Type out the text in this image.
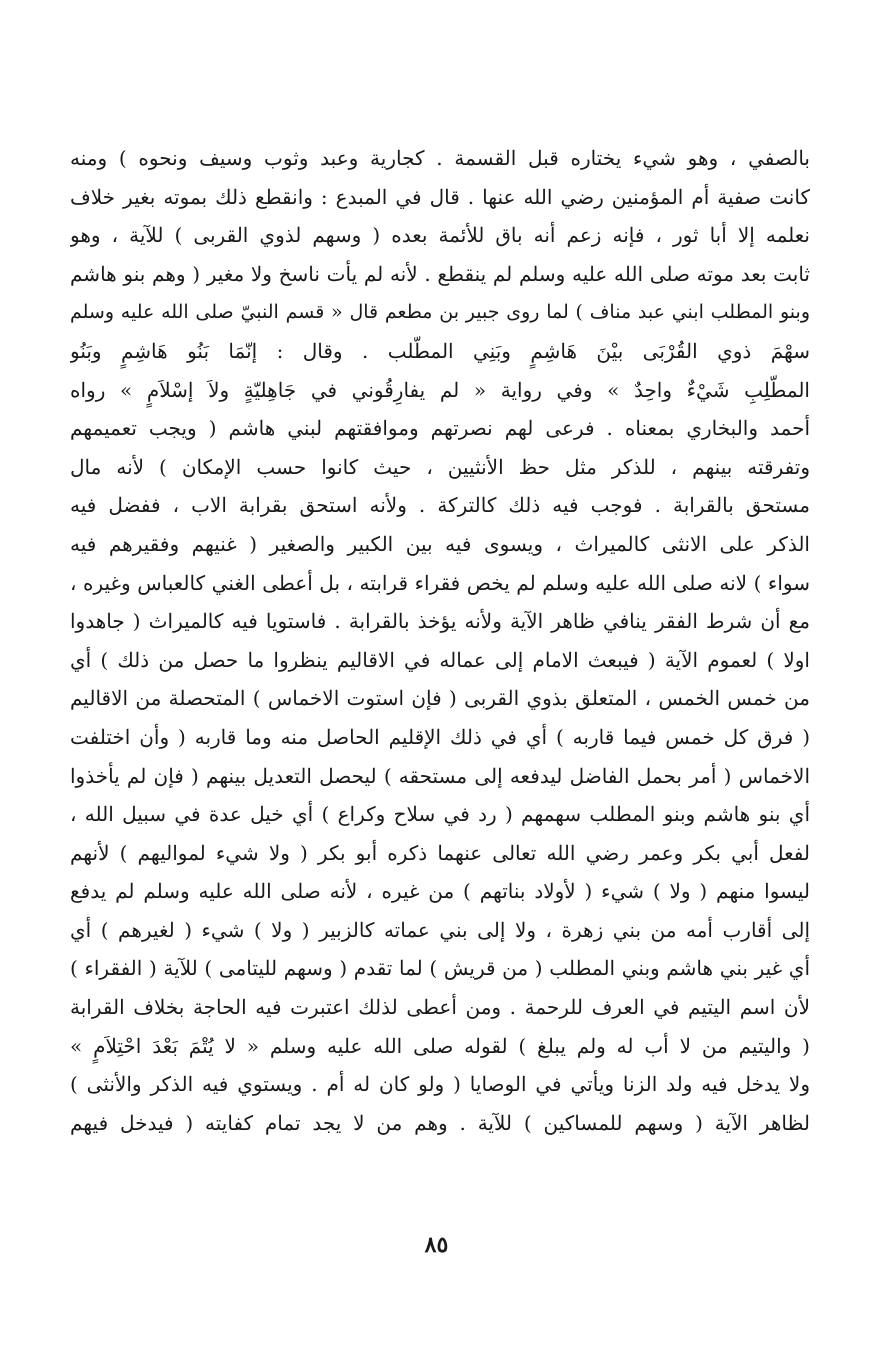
بالصفي ، وهو شيء يختاره قبل القسمة . كجارية وعبد وثوب وسيف ونحوه ) ومنه
كانت صفية أم المؤمنين رضي الله عنها . قال في المبدع : وانقطع ذلك بموته بغير خلاف
نعلمه إلا أبا ثور ، فإنه زعم أنه باق للأئمة بعده ( وسهم لذوي القربى ) للآية ، وهو
ثابت بعد موته صلى الله عليه وسلم لم ينقطع . لأنه لم يأت ناسخ ولا مغير ( وهم بنو هاشم
وبنو المطلب ابني عبد مناف ) لما روى جبير بن مطعم قال « قسم النبيّ صلى الله عليه وسلم
سهْمَ ذوي القُرْبَى بيْنَ هَاشِمٍ وبَنِي المطّلب . وقال : إنّمَا بَنُو هَاشِمٍ وبَنُو
المطّلِبِ شَيْءٌ واحِدٌ » وفي رواية « لم يفارِقُوني في جَاهِليّةٍ ولاَ إسْلاَمٍ » رواه
أحمد والبخاري بمعناه . فرعى لهم نصرتهم وموافقتهم لبني هاشم ( ويجب تعميمهم
وتفرقته بينهم ، للذكر مثل حظ الأنثيين ، حيث كانوا حسب الإمكان ) لأنه مال
مستحق بالقرابة . فوجب فيه ذلك كالتركة . ولأنه استحق بقرابة الاب ، ففضل فيه
الذكر على الانثى كالميراث ، ويسوى فيه بين الكبير والصغير ( غنيهم وفقيرهم فيه
سواء ) لانه صلى الله عليه وسلم لم يخص فقراء قرابته ، بل أعطى الغني كالعباس وغيره ،
مع أن شرط الفقر ينافي ظاهر الآية ولأنه يؤخذ بالقرابة . فاستويا فيه كالميراث ( جاهدوا
اولا ) لعموم الآية ( فيبعث الامام إلى عماله في الاقاليم ينظروا ما حصل من ذلك ) أي
من خمس الخمس ، المتعلق بذوي القربى ( فإن استوت الاخماس ) المتحصلة من الاقاليم
( فرق كل خمس فيما قاربه ) أي في ذلك الإقليم الحاصل منه وما قاربه ( وأن اختلفت
الاخماس ( أمر بحمل الفاضل ليدفعه إلى مستحقه ) ليحصل التعديل بينهم ( فإن لم يأخذوا
أي بنو هاشم وبنو المطلب سهمهم ( رد في سلاح وكراع ) أي خيل عدة في سبيل الله ،
لفعل أبي بكر وعمر رضي الله تعالى عنهما ذكره أبو بكر ( ولا شيء لمواليهم ) لأنهم
ليسوا منهم ( ولا ) شيء ( لأولاد بناتهم ) من غيره ، لأنه صلى الله عليه وسلم لم يدفع
إلى أقارب أمه من بني زهرة ، ولا إلى بني عماته كالزبير ( ولا ) شيء ( لغيرهم ) أي
أي غير بني هاشم وبني المطلب ( من قريش ) لما تقدم ( وسهم لليتامى ) للآية ( الفقراء )
لأن اسم اليتيم في العرف للرحمة . ومن أعطى لذلك اعتبرت فيه الحاجة بخلاف القرابة
( واليتيم من لا أب له ولم يبلغ ) لقوله صلى الله عليه وسلم « لا يُتْمَ بَعْدَ احْتِلاَمٍ »
ولا يدخل فيه ولد الزنا ويأتي في الوصايا ( ولو كان له أم . ويستوي فيه الذكر والأنثى )
لظاهر الآية ( وسهم للمساكين ) للآية . وهم من لا يجد تمام كفايته ( فيدخل فيهم
٨٥
